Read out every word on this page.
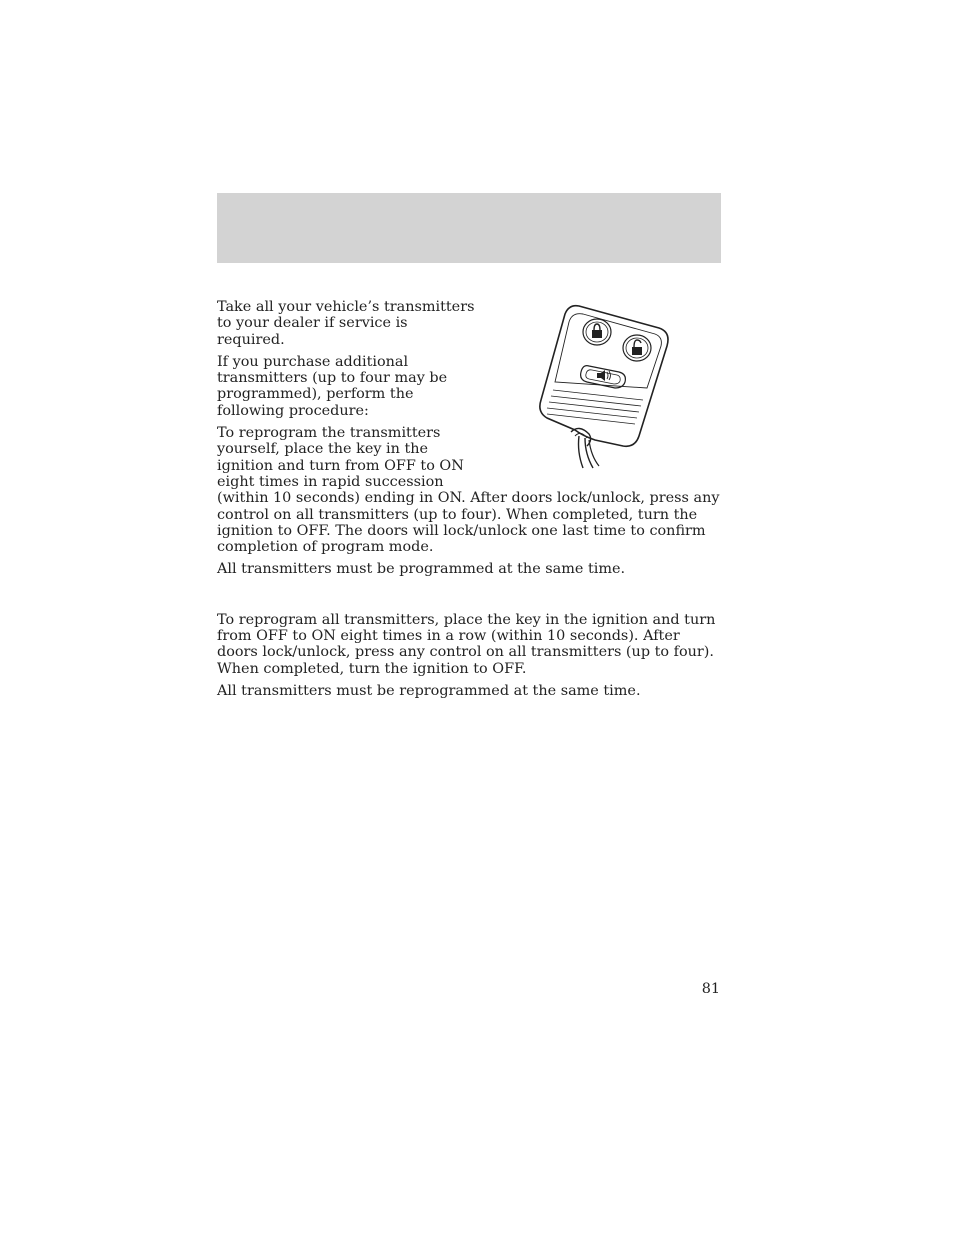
Take all your vehicle’s transmitters to your dealer if service is required.

If you purchase additional transmitters (up to four may be programmed), perform the following procedure:

To reprogram the transmitters yourself, place the key in the ignition and turn from OFF to ON eight times in rapid succession
(within 10 seconds) ending in ON. After doors lock/unlock, press any control on all transmitters (up to four). When completed, turn the ignition to OFF. The doors will lock/unlock one last time to confirm completion of program mode.

All transmitters must be programmed at the same time.

To reprogram all transmitters, place the key in the ignition and turn from OFF to ON eight times in a row (within 10 seconds). After doors lock/unlock, press any control on all transmitters (up to four). When completed, turn the ignition to OFF.

All transmitters must be reprogrammed at the same time.

81
